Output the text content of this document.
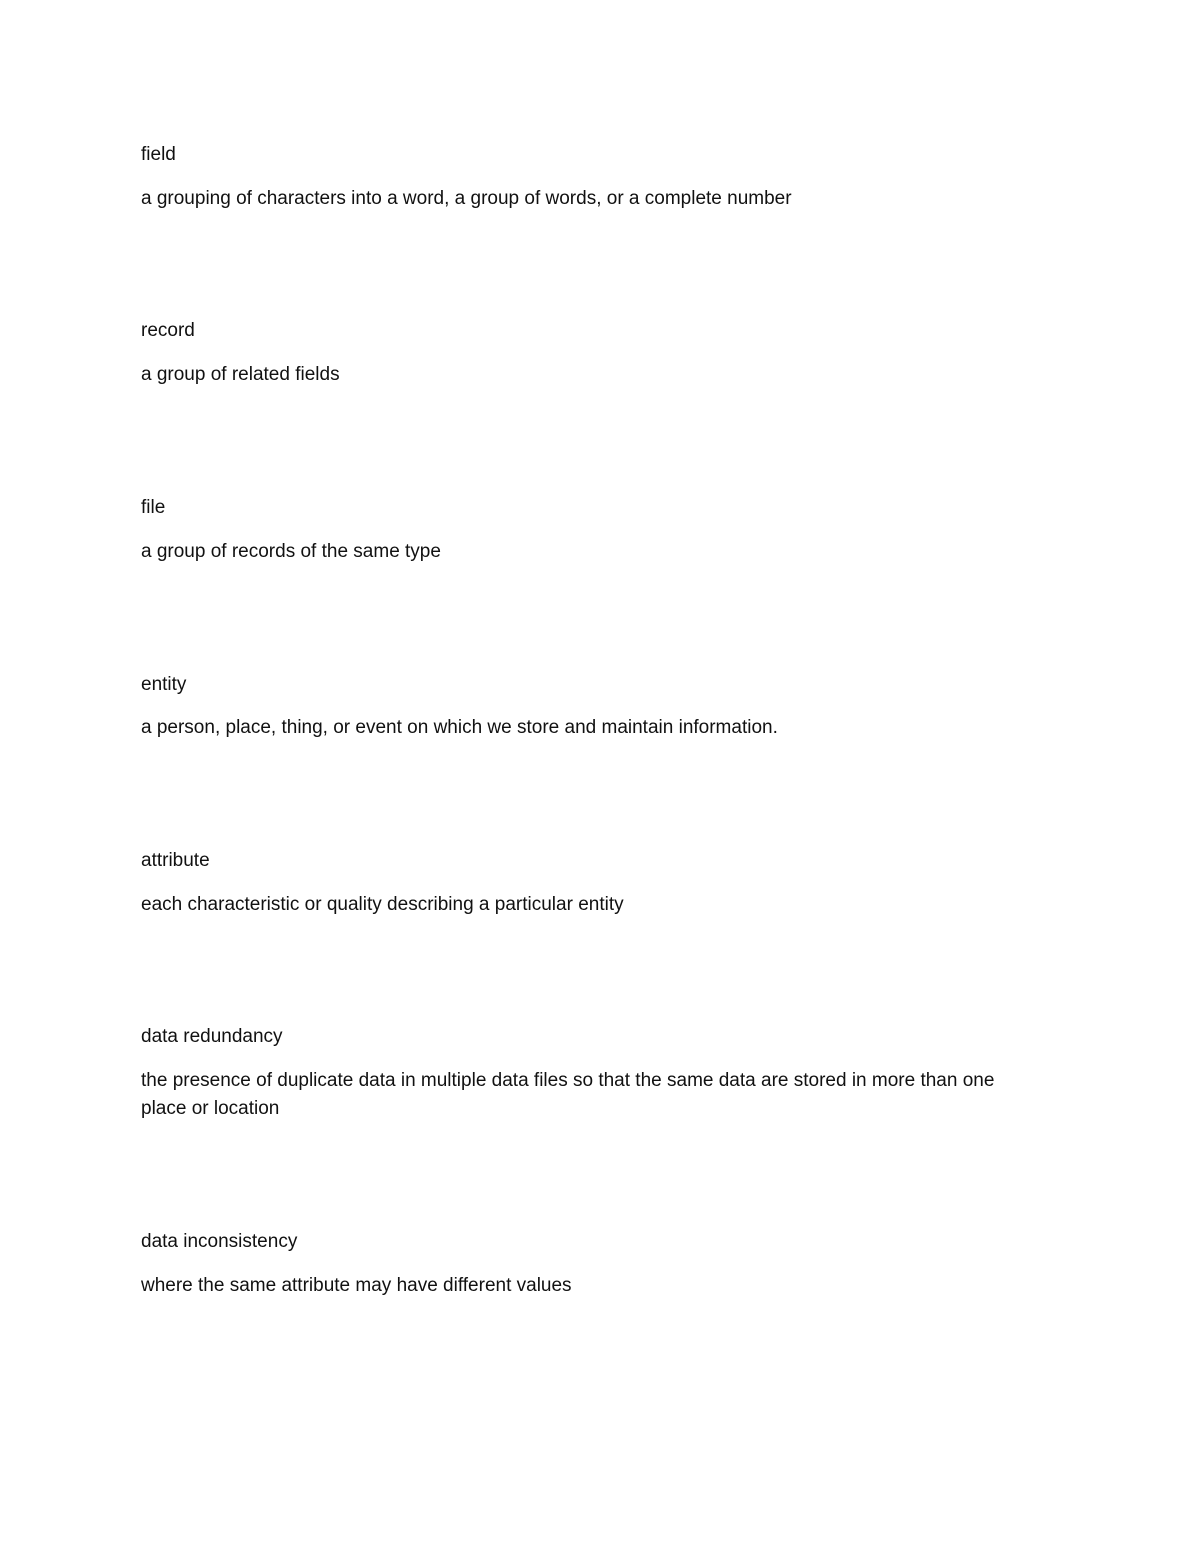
field

a grouping of characters into a word, a group of words, or a complete number

record

a group of related fields

file

a group of records of the same type

entity

a person, place, thing, or event on which we store and maintain information.

attribute

each characteristic or quality describing a particular entity

data redundancy

the presence of duplicate data in multiple data files so that the same data are stored in more than one place or location

data inconsistency

where the same attribute may have different values
